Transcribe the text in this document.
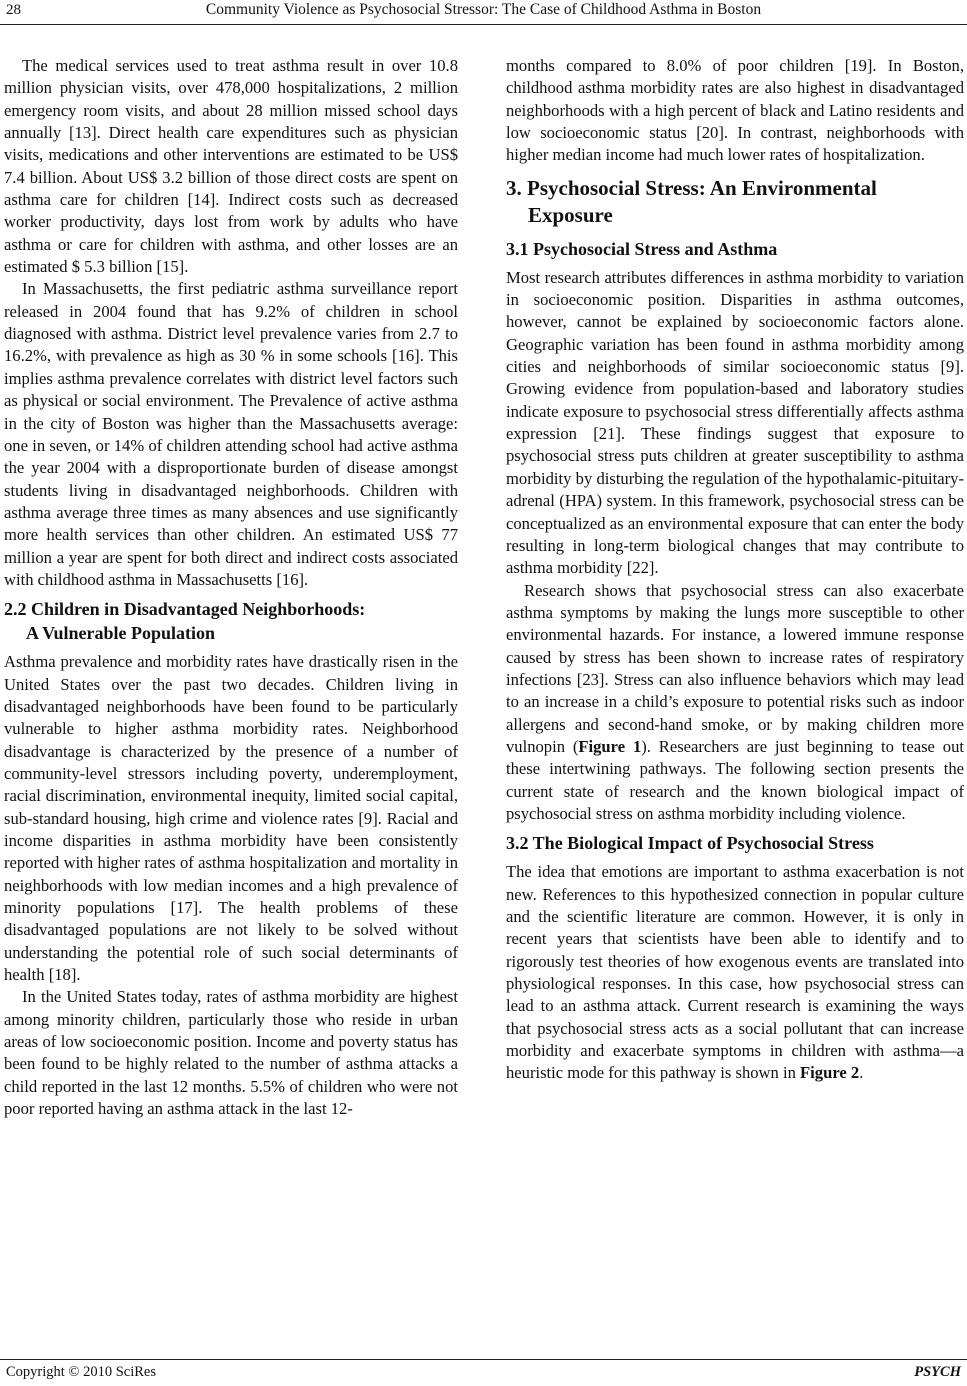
28	Community Violence as Psychosocial Stressor: The Case of Childhood Asthma in Boston

The medical services used to treat asthma result in over 10.8 million physician visits, over 478,000 hospitalizations, 2 million emergency room visits, and about 28 million missed school days annually [13]. Direct health care expenditures such as physician visits, medications and other interventions are estimated to be US$ 7.4 billion. About US$ 3.2 billion of those direct costs are spent on asthma care for children [14]. Indirect costs such as decreased worker productivity, days lost from work by adults who have asthma or care for children with asthma, and other losses are an estimated $ 5.3 billion [15].

In Massachusetts, the first pediatric asthma surveillance report released in 2004 found that has 9.2% of children in school diagnosed with asthma. District level prevalence varies from 2.7 to 16.2%, with prevalence as high as 30 % in some schools [16]. This implies asthma prevalence correlates with district level factors such as physical or social environment. The Prevalence of active asthma in the city of Boston was higher than the Massachusetts average: one in seven, or 14% of children attending school had active asthma the year 2004 with a disproportionate burden of disease amongst students living in disadvantaged neighborhoods. Children with asthma average three times as many absences and use significantly more health services than other children. An estimated US$ 77 million a year are spent for both direct and indirect costs associated with childhood asthma in Massachusetts [16].

2.2 Children in Disadvantaged Neighborhoods:
A Vulnerable Population

Asthma prevalence and morbidity rates have drastically risen in the United States over the past two decades. Children living in disadvantaged neighborhoods have been found to be particularly vulnerable to higher asthma morbidity rates. Neighborhood disadvantage is characterized by the presence of a number of community-level stressors including poverty, underemployment, racial discrimination, environmental inequity, limited social capital, sub-standard housing, high crime and violence rates [9]. Racial and income disparities in asthma morbidity have been consistently reported with higher rates of asthma hospitalization and mortality in neighborhoods with low median incomes and a high prevalence of minority populations [17]. The health problems of these disadvantaged populations are not likely to be solved without understanding the potential role of such social determinants of health [18].

In the United States today, rates of asthma morbidity are highest among minority children, particularly those who reside in urban areas of low socioeconomic position. Income and poverty status has been found to be highly related to the number of asthma attacks a child reported in the last 12 months. 5.5% of children who were not poor reported having an asthma attack in the last 12-

months compared to 8.0% of poor children [19]. In Boston, childhood asthma morbidity rates are also highest in disadvantaged neighborhoods with a high percent of black and Latino residents and low socioeconomic status [20]. In contrast, neighborhoods with higher median income had much lower rates of hospitalization.

3. Psychosocial Stress: An Environmental
Exposure
3.1 Psychosocial Stress and Asthma

Most research attributes differences in asthma morbidity to variation in socioeconomic position. Disparities in asthma outcomes, however, cannot be explained by socioeconomic factors alone. Geographic variation has been found in asthma morbidity among cities and neighborhoods of similar socioeconomic status [9]. Growing evidence from population-based and laboratory studies indicate exposure to psychosocial stress differentially affects asthma expression [21]. These findings suggest that exposure to psychosocial stress puts children at greater susceptibility to asthma morbidity by disturbing the regulation of the hypothalamic-pituitary-adrenal (HPA) system. In this framework, psychosocial stress can be conceptualized as an environmental exposure that can enter the body resulting in long-term biological changes that may contribute to asthma morbidity [22].

Research shows that psychosocial stress can also exacerbate asthma symptoms by making the lungs more susceptible to other environmental hazards. For instance, a lowered immune response caused by stress has been shown to increase rates of respiratory infections [23]. Stress can also influence behaviors which may lead to an increase in a child’s exposure to potential risks such as indoor allergens and second-hand smoke, or by making children more vulnopin (Figure 1). Researchers are just beginning to tease out these intertwining pathways. The following section presents the current state of research and the known biological impact of psychosocial stress on asthma morbidity including violence.

3.2 The Biological Impact of Psychosocial Stress

The idea that emotions are important to asthma exacerbation is not new. References to this hypothesized connection in popular culture and the scientific literature are common. However, it is only in recent years that scientists have been able to identify and to rigorously test theories of how exogenous events are translated into physiological responses. In this case, how psychosocial stress can lead to an asthma attack. Current research is examining the ways that psychosocial stress acts as a social pollutant that can increase morbidity and exacerbate symptoms in children with asthma—a heuristic mode for this pathway is shown in Figure 2.

Copyright © 2010 SciRes	PSYCH
